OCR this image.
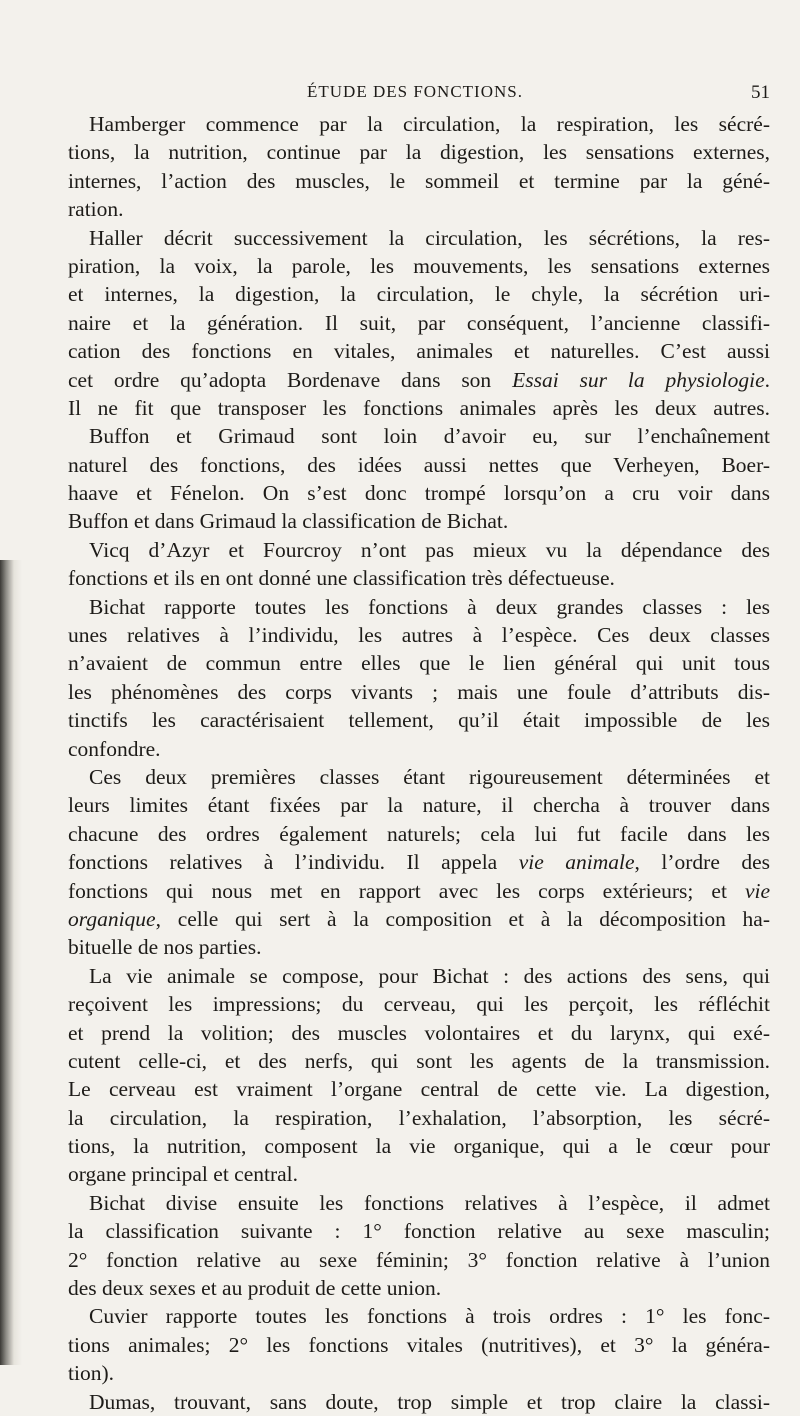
ÉTUDE DES FONCTIONS.	51
Hamberger commence par la circulation, la respiration, les sécré-
tions, la nutrition, continue par la digestion, les sensations externes,
internes, l’action des muscles, le sommeil et termine par la géné-
ration.
Haller décrit successivement la circulation, les sécrétions, la res-
piration, la voix, la parole, les mouvements, les sensations externes
et internes, la digestion, la circulation, le chyle, la sécrétion uri-
naire et la génération. Il suit, par conséquent, l’ancienne classifi-
cation des fonctions en vitales, animales et naturelles. C’est aussi
cet ordre qu’adopta Bordenave dans son Essai sur la physiologie.
Il ne fit que transposer les fonctions animales après les deux autres.
Buffon et Grimaud sont loin d’avoir eu, sur l’enchaînement
naturel des fonctions, des idées aussi nettes que Verheyen, Boer-
haave et Fénelon. On s’est donc trompé lorsqu’on a cru voir dans
Buffon et dans Grimaud la classification de Bichat.
Vicq d’Azyr et Fourcroy n’ont pas mieux vu la dépendance des
fonctions et ils en ont donné une classification très défectueuse.
Bichat rapporte toutes les fonctions à deux grandes classes : les
unes relatives à l’individu, les autres à l’espèce. Ces deux classes
n’avaient de commun entre elles que le lien général qui unit tous
les phénomènes des corps vivants ; mais une foule d’attributs dis-
tinctifs les caractérisaient tellement, qu’il était impossible de les
confondre.
Ces deux premières classes étant rigoureusement déterminées et
leurs limites étant fixées par la nature, il chercha à trouver dans
chacune des ordres également naturels; cela lui fut facile dans les
fonctions relatives à l’individu. Il appela vie animale, l’ordre des
fonctions qui nous met en rapport avec les corps extérieurs; et vie
organique, celle qui sert à la composition et à la décomposition ha-
bituelle de nos parties.
La vie animale se compose, pour Bichat : des actions des sens, qui
reçoivent les impressions; du cerveau, qui les perçoit, les réfléchit
et prend la volition; des muscles volontaires et du larynx, qui exé-
cutent celle-ci, et des nerfs, qui sont les agents de la transmission.
Le cerveau est vraiment l’organe central de cette vie. La digestion,
la circulation, la respiration, l’exhalation, l’absorption, les sécré-
tions, la nutrition, composent la vie organique, qui a le cœur pour
organe principal et central.
Bichat divise ensuite les fonctions relatives à l’espèce, il admet
la classification suivante : 1° fonction relative au sexe masculin;
2° fonction relative au sexe féminin; 3° fonction relative à l’union
des deux sexes et au produit de cette union.
Cuvier rapporte toutes les fonctions à trois ordres : 1° les fonc-
tions animales; 2° les fonctions vitales (nutritives), et 3° la généra-
tion).
Dumas, trouvant, sans doute, trop simple et trop claire la classi-
